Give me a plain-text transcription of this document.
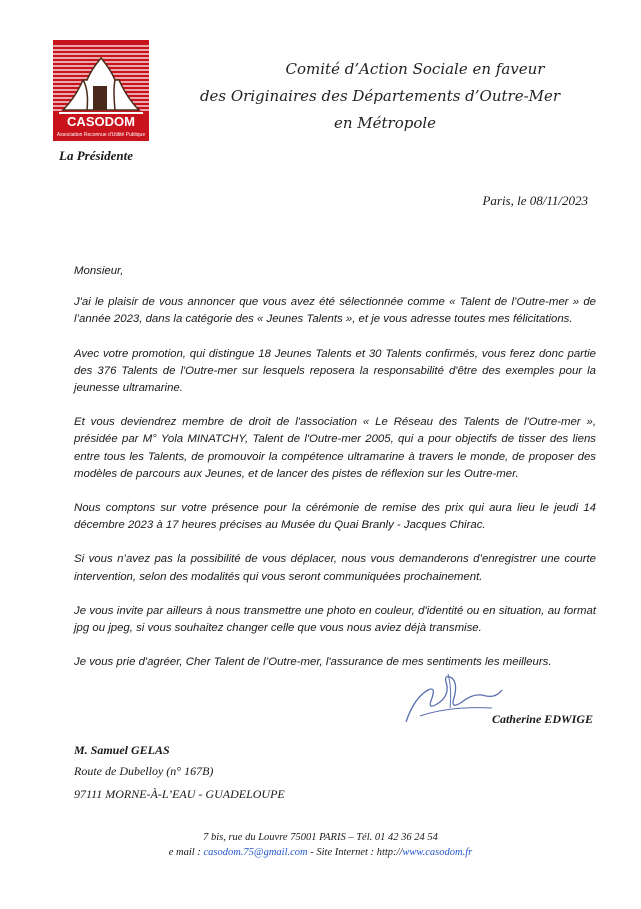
CASODOM
Association Reconnue d'Utilité Publique
Comité d’Action Sociale en faveur
des Originaires des Départements d’Outre-Mer
en Métropole
La Présidente
Paris, le 08/11/2023

Monsieur,

J'ai le plaisir de vous annoncer que vous avez été sélectionnée comme « Talent de l’Outre-mer » de l’année 2023, dans la catégorie des « Jeunes Talents », et je vous adresse toutes mes félicitations.

Avec votre promotion, qui distingue 18 Jeunes Talents et 30 Talents confirmés, vous ferez donc partie des 376 Talents de l'Outre-mer sur lesquels reposera la responsabilité d'être des exemples pour la jeunesse ultramarine.

Et vous deviendrez membre de droit de l'association « Le Réseau des Talents de l'Outre-mer », présidée par M° Yola MINATCHY, Talent de l'Outre-mer 2005, qui a pour objectifs de tisser des liens entre tous les Talents, de promouvoir la compétence ultramarine à travers le monde, de proposer des modèles de parcours aux Jeunes, et de lancer des pistes de réflexion sur les Outre-mer.

Nous comptons sur votre présence pour la cérémonie de remise des prix qui aura lieu le jeudi 14 décembre 2023 à 17 heures précises au Musée du Quai Branly - Jacques Chirac.

Si vous n’avez pas la possibilité de vous déplacer, nous vous demanderons d’enregistrer une courte intervention, selon des modalités qui vous seront communiquées prochainement.

Je vous invite par ailleurs à nous transmettre une photo en couleur, d'identité ou en situation, au format jpg ou jpeg, si vous souhaitez changer celle que vous nous aviez déjà transmise.

Je vous prie d'agréer, Cher Talent de l’Outre-mer, l'assurance de mes sentiments les meilleurs.

Catherine EDWIGE
M. Samuel GELAS
Route de Dubelloy (n° 167B)
97111 MORNE-À-L’EAU - GUADELOUPE
7 bis, rue du Louvre 75001 PARIS – Tél. 01 42 36 24 54
e mail : casodom.75@gmail.com - Site Internet : http://www.casodom.fr
